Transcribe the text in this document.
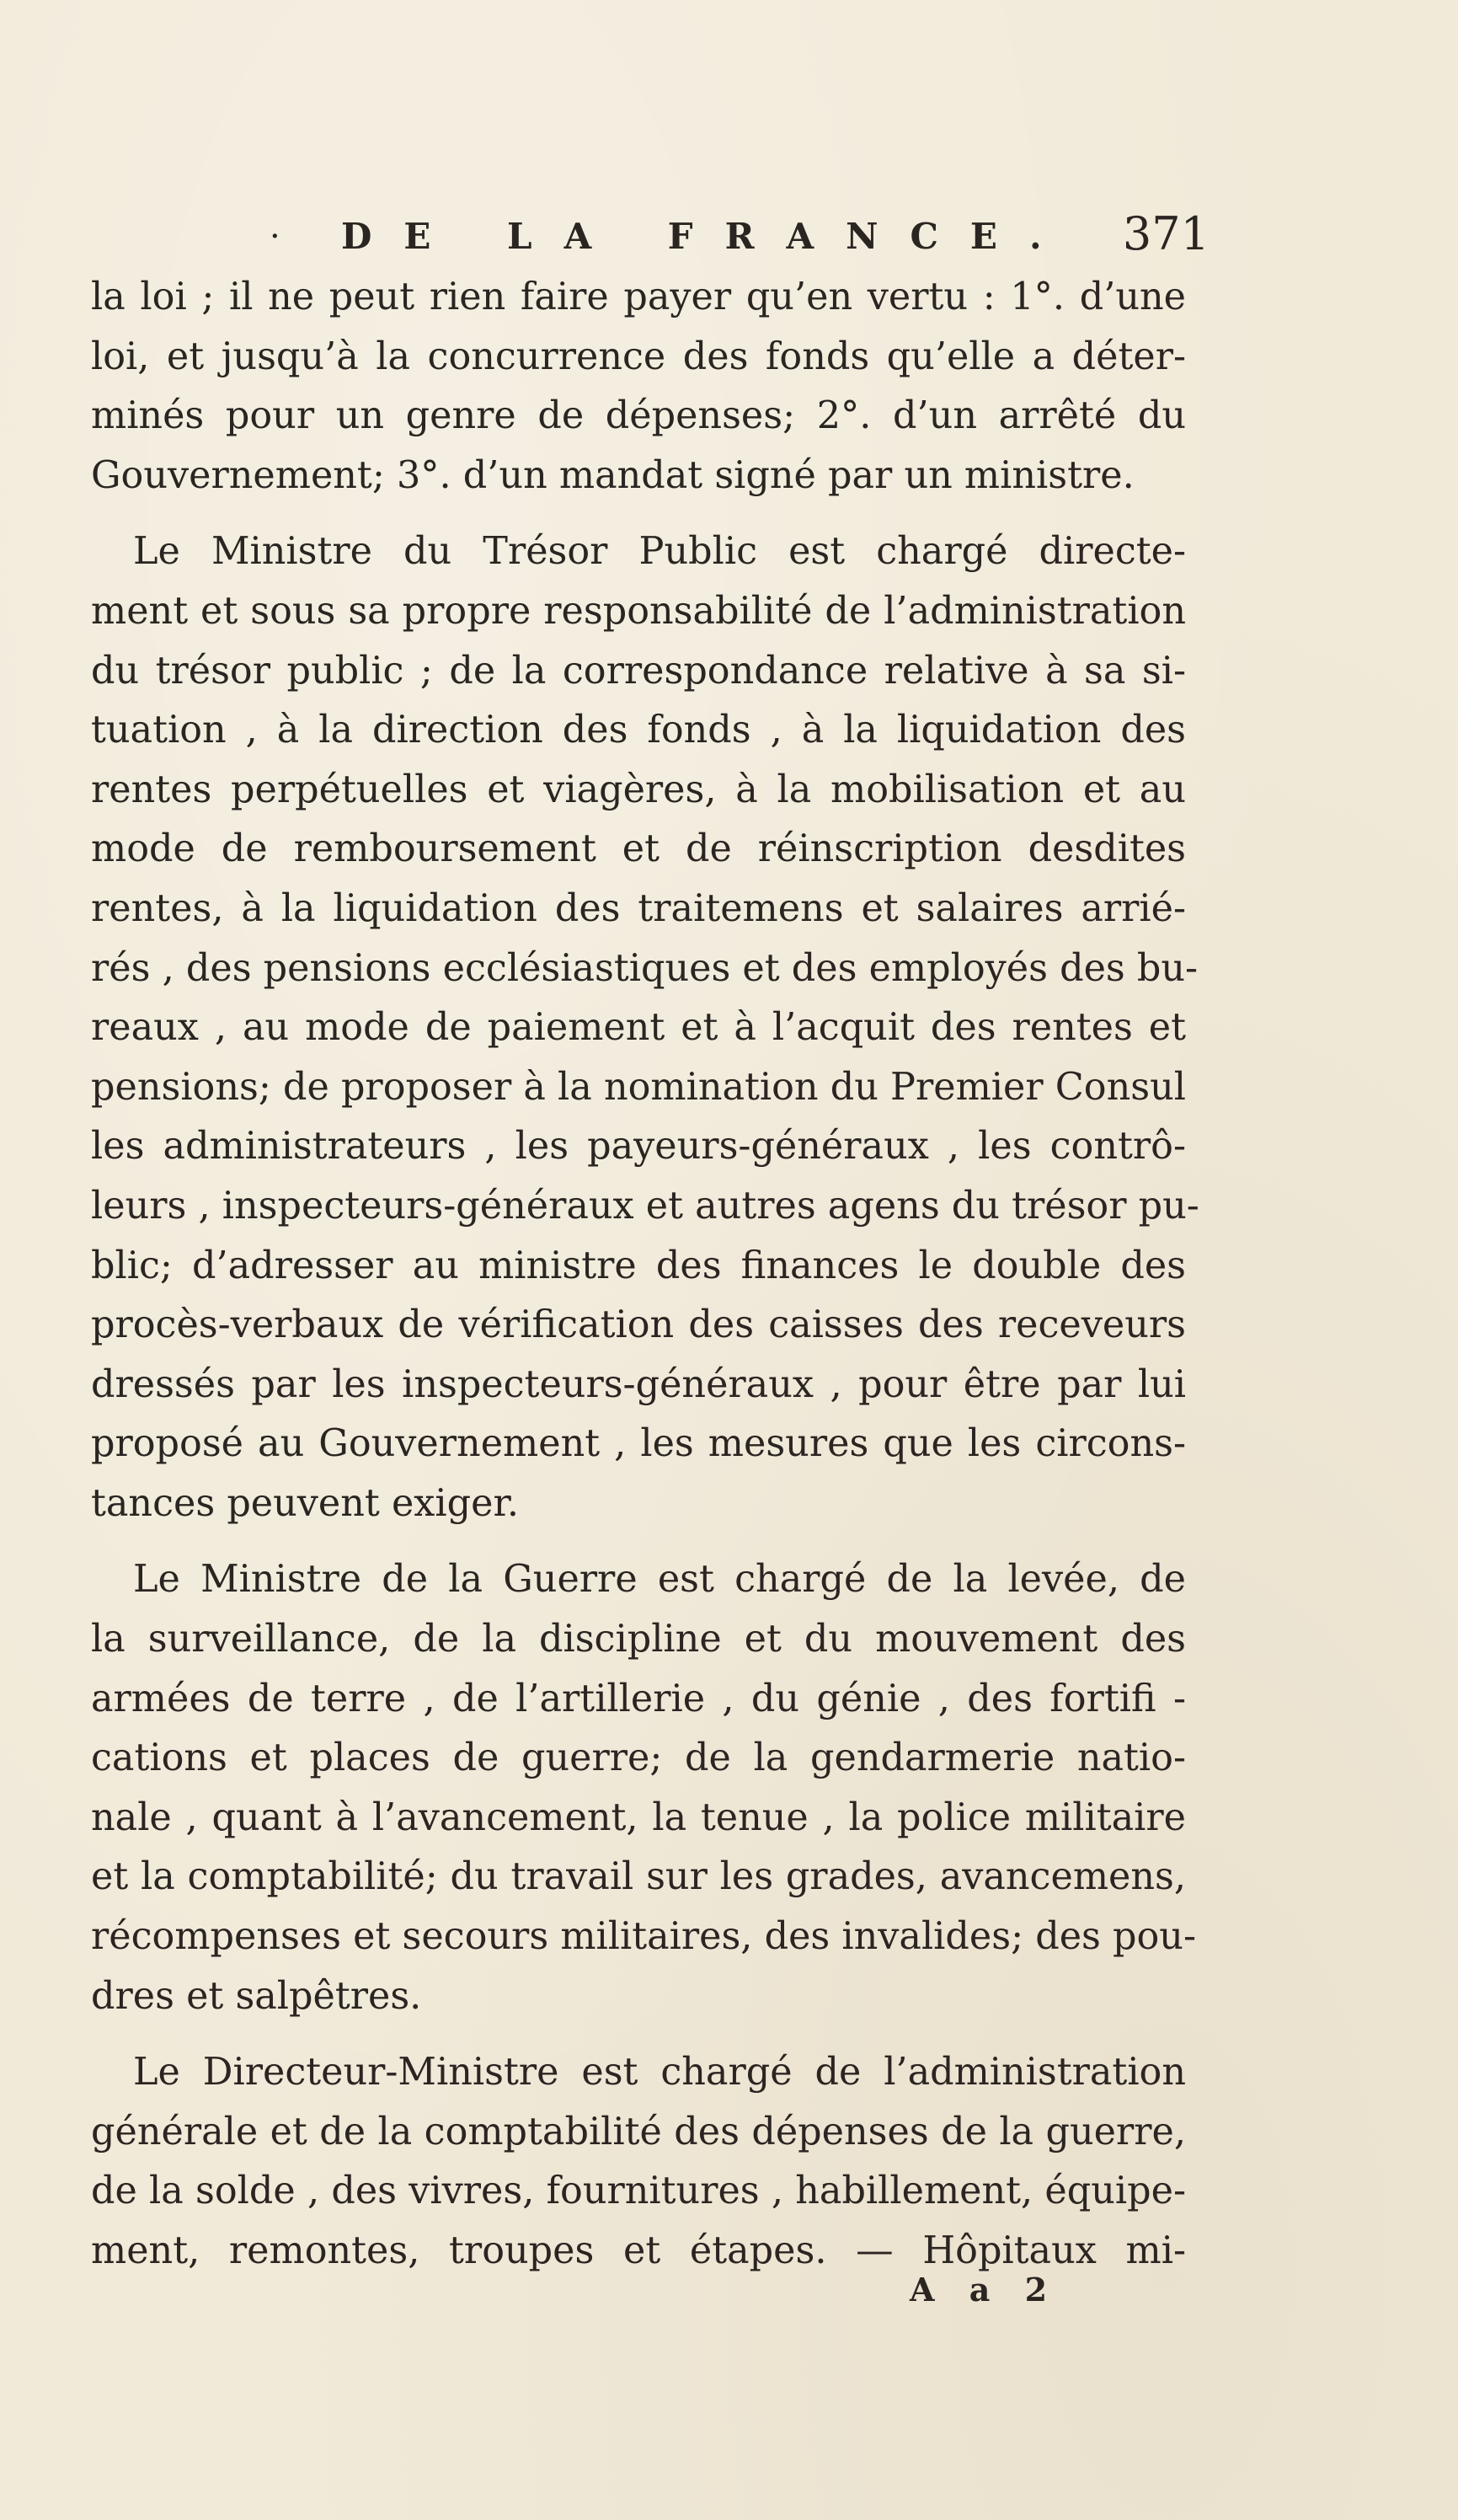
· DE LA FRANCE. 371
la loi ; il ne peut rien faire payer qu’en vertu : 1°. d’une
loi, et jusqu’à la concurrence des fonds qu’elle a déter-
minés pour un genre de dépenses; 2°. d’un arrêté du
Gouvernement; 3°. d’un mandat signé par un ministre.
Le Ministre du Trésor Public est chargé directe-
ment et sous sa propre responsabilité de l’administration
du trésor public ; de la correspondance relative à sa si-
tuation , à la direction des fonds , à la liquidation des
rentes perpétuelles et viagères, à la mobilisation et au
mode de remboursement et de réinscription desdites
rentes, à la liquidation des traitemens et salaires arrié-
rés , des pensions ecclésiastiques et des employés des bu-
reaux , au mode de paiement et à l’acquit des rentes et
pensions; de proposer à la nomination du Premier Consul
les administrateurs , les payeurs-généraux , les contrô-
leurs , inspecteurs-généraux et autres agens du trésor pu-
blic; d’adresser au ministre des finances le double des
procès-verbaux de vérification des caisses des receveurs
dressés par les inspecteurs-généraux , pour être par lui
proposé au Gouvernement , les mesures que les circons-
tances peuvent exiger.
Le Ministre de la Guerre est chargé de la levée, de
la surveillance, de la discipline et du mouvement des
armées de terre , de l’artillerie , du génie , des fortifi -
cations et places de guerre; de la gendarmerie natio-
nale , quant à l’avancement, la tenue , la police militaire
et la comptabilité; du travail sur les grades, avancemens,
récompenses et secours militaires, des invalides; des pou-
dres et salpêtres.
Le Directeur-Ministre est chargé de l’administration
générale et de la comptabilité des dépenses de la guerre,
de la solde , des vivres, fournitures , habillement, équipe-
ment, remontes, troupes et étapes. — Hôpitaux mi-
A a 2
